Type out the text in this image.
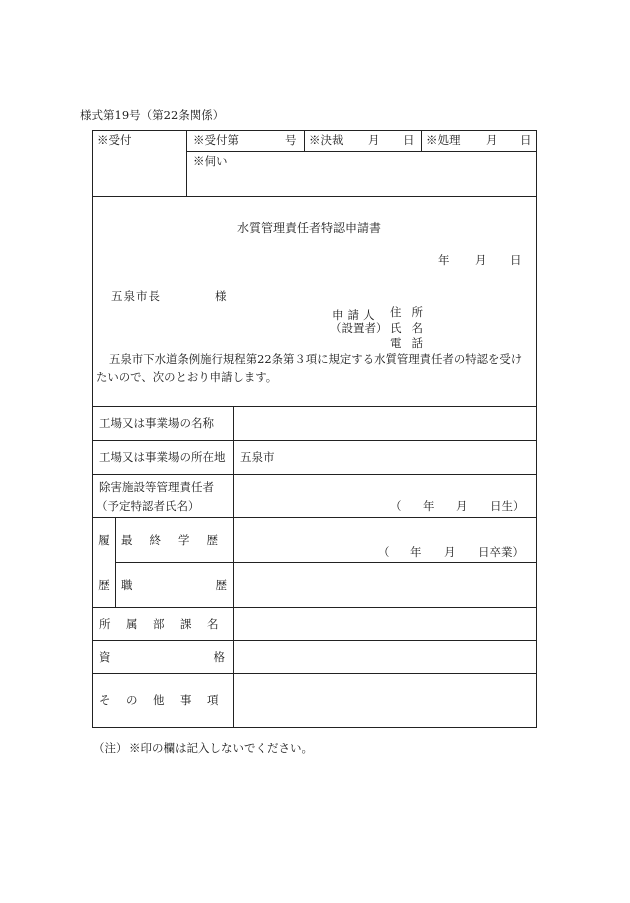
様式第19号（第22条関係）
※受付	※受付第	号 ※決裁 月 日 ※処理 月 日
※伺い
水質管理責任者特認申請書
年 月 日
五泉市長	様
申請人
（設置者）
住所
氏名
電話
五泉市下水道条例施行規程第22条第３項に規定する水質管理責任者の特認を受け
たいので、次のとおり申請します。
工場又は事業場の名称
工場又は事業場の所在地 五泉市
除害施設等管理責任者
（予定特認者氏名）	（ 年 月 日生）
履
歴
最終学歴
（ 年 月 日卒業）
職歴
所属部課名
資格
その他事項
（注） ※印の欄は記入しないでください。
